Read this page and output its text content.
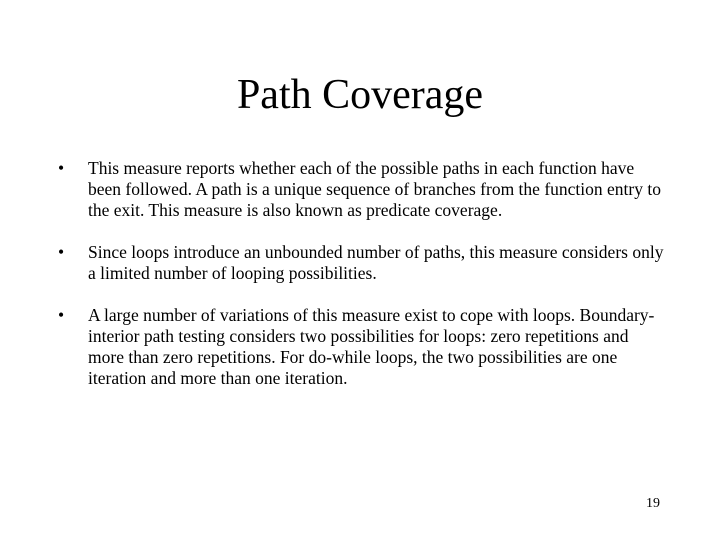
Path Coverage
•	This measure reports whether each of the possible paths in each function have been followed. A path is a unique sequence of branches from the function entry to the exit. This measure is also known as predicate coverage.
•	Since loops introduce an unbounded number of paths, this measure considers only a limited number of looping possibilities.
•	A large number of variations of this measure exist to cope with loops. Boundary-interior path testing considers two possibilities for loops: zero repetitions and more than zero repetitions. For do-while loops, the two possibilities are one iteration and more than one iteration.
19
